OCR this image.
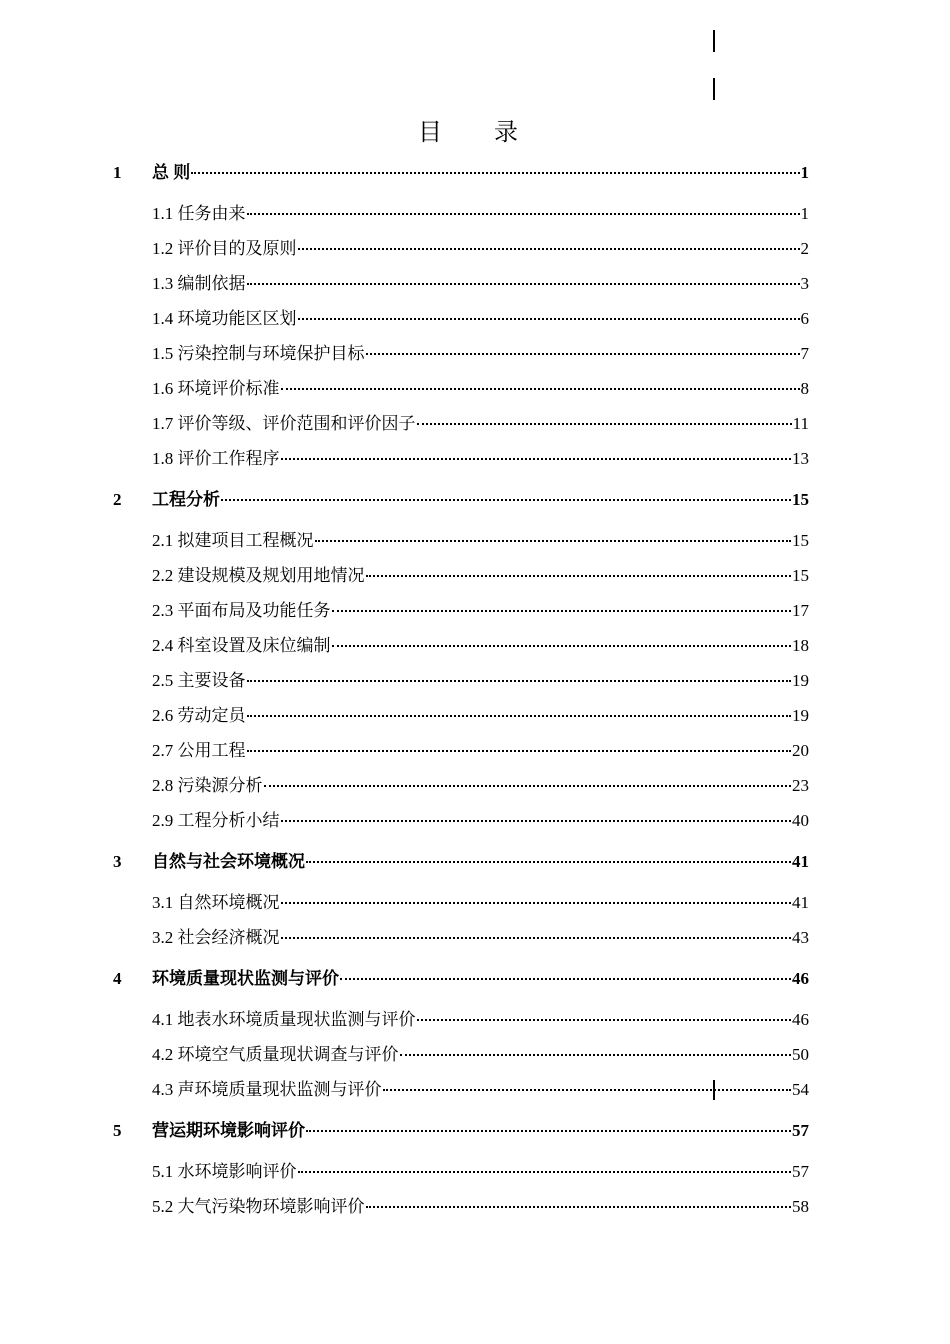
目　录
1 总 则	1
1.1 任务由来	1
1.2 评价目的及原则	2
1.3 编制依据	3
1.4 环境功能区区划	6
1.5 污染控制与环境保护目标	7
1.6 环境评价标准	8
1.7 评价等级、评价范围和评价因子	11
1.8 评价工作程序	13
2 工程分析	15
2.1 拟建项目工程概况	15
2.2 建设规模及规划用地情况	15
2.3 平面布局及功能任务	17
2.4 科室设置及床位编制	18
2.5 主要设备	19
2.6 劳动定员	19
2.7 公用工程	20
2.8 污染源分析	23
2.9 工程分析小结	40
3 自然与社会环境概况	41
3.1 自然环境概况	41
3.2 社会经济概况	43
4 环境质量现状监测与评价	46
4.1 地表水环境质量现状监测与评价	46
4.2 环境空气质量现状调查与评价	50
4.3 声环境质量现状监测与评价	54
5 营运期环境影响评价	57
5.1 水环境影响评价	57
5.2 大气污染物环境影响评价	58
